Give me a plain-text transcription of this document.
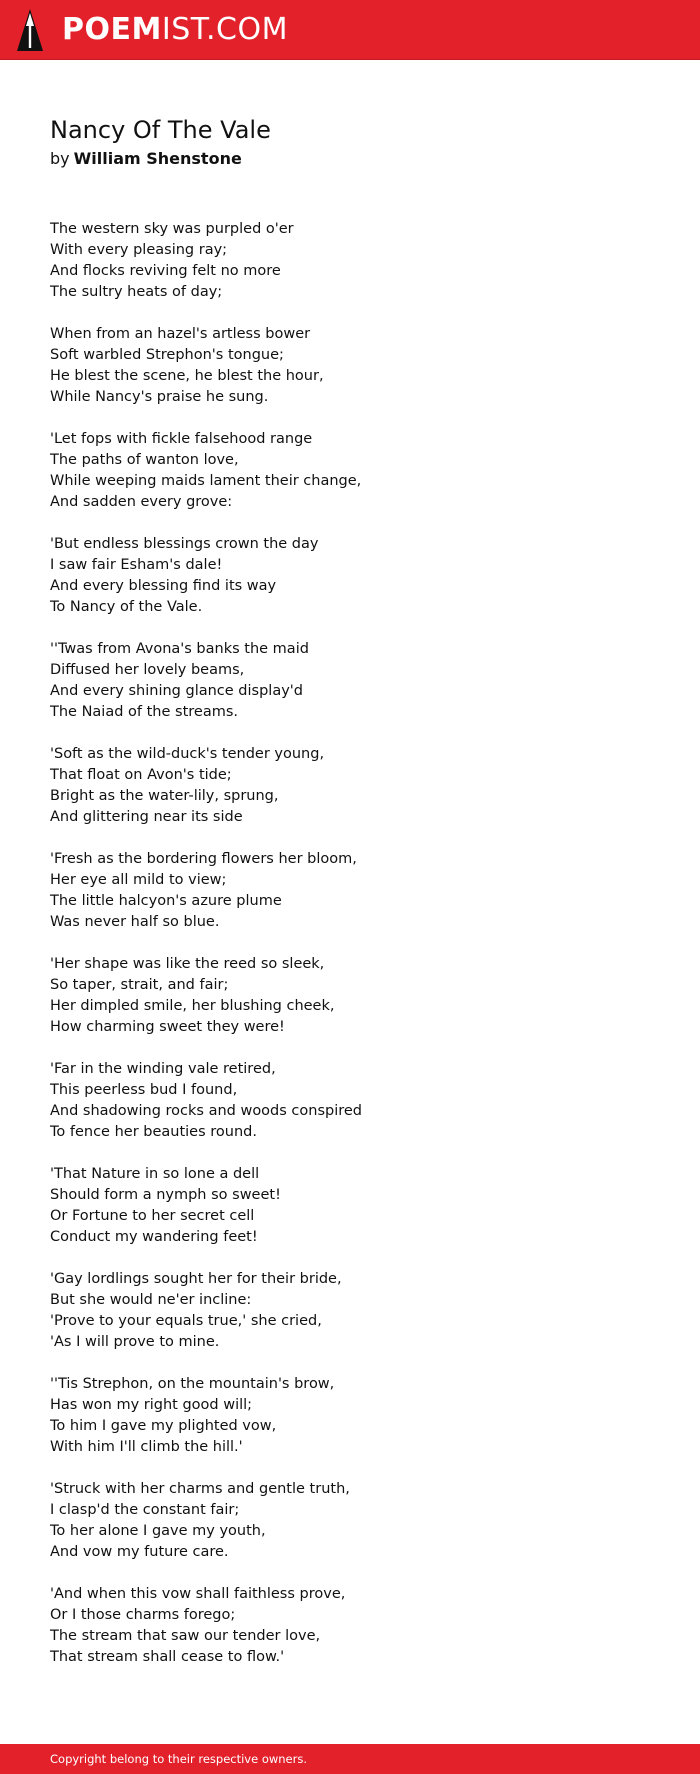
POEMIST.COM
Nancy Of The Vale
by William Shenstone
The western sky was purpled o'er
With every pleasing ray;
And flocks reviving felt no more
The sultry heats of day;
When from an hazel's artless bower
Soft warbled Strephon's tongue;
He blest the scene, he blest the hour,
While Nancy's praise he sung.
'Let fops with fickle falsehood range
The paths of wanton love,
While weeping maids lament their change,
And sadden every grove:
'But endless blessings crown the day
I saw fair Esham's dale!
And every blessing find its way
To Nancy of the Vale.
''Twas from Avona's banks the maid
Diffused her lovely beams,
And every shining glance display'd
The Naiad of the streams.
'Soft as the wild-duck's tender young,
That float on Avon's tide;
Bright as the water-lily, sprung,
And glittering near its side
'Fresh as the bordering flowers her bloom,
Her eye all mild to view;
The little halcyon's azure plume
Was never half so blue.
'Her shape was like the reed so sleek,
So taper, strait, and fair;
Her dimpled smile, her blushing cheek,
How charming sweet they were!
'Far in the winding vale retired,
This peerless bud I found,
And shadowing rocks and woods conspired
To fence her beauties round.
'That Nature in so lone a dell
Should form a nymph so sweet!
Or Fortune to her secret cell
Conduct my wandering feet!
'Gay lordlings sought her for their bride,
But she would ne'er incline:
'Prove to your equals true,' she cried,
'As I will prove to mine.
''Tis Strephon, on the mountain's brow,
Has won my right good will;
To him I gave my plighted vow,
With him I'll climb the hill.'
'Struck with her charms and gentle truth,
I clasp'd the constant fair;
To her alone I gave my youth,
And vow my future care.
'And when this vow shall faithless prove,
Or I those charms forego;
The stream that saw our tender love,
That stream shall cease to flow.'
Copyright belong to their respective owners.
